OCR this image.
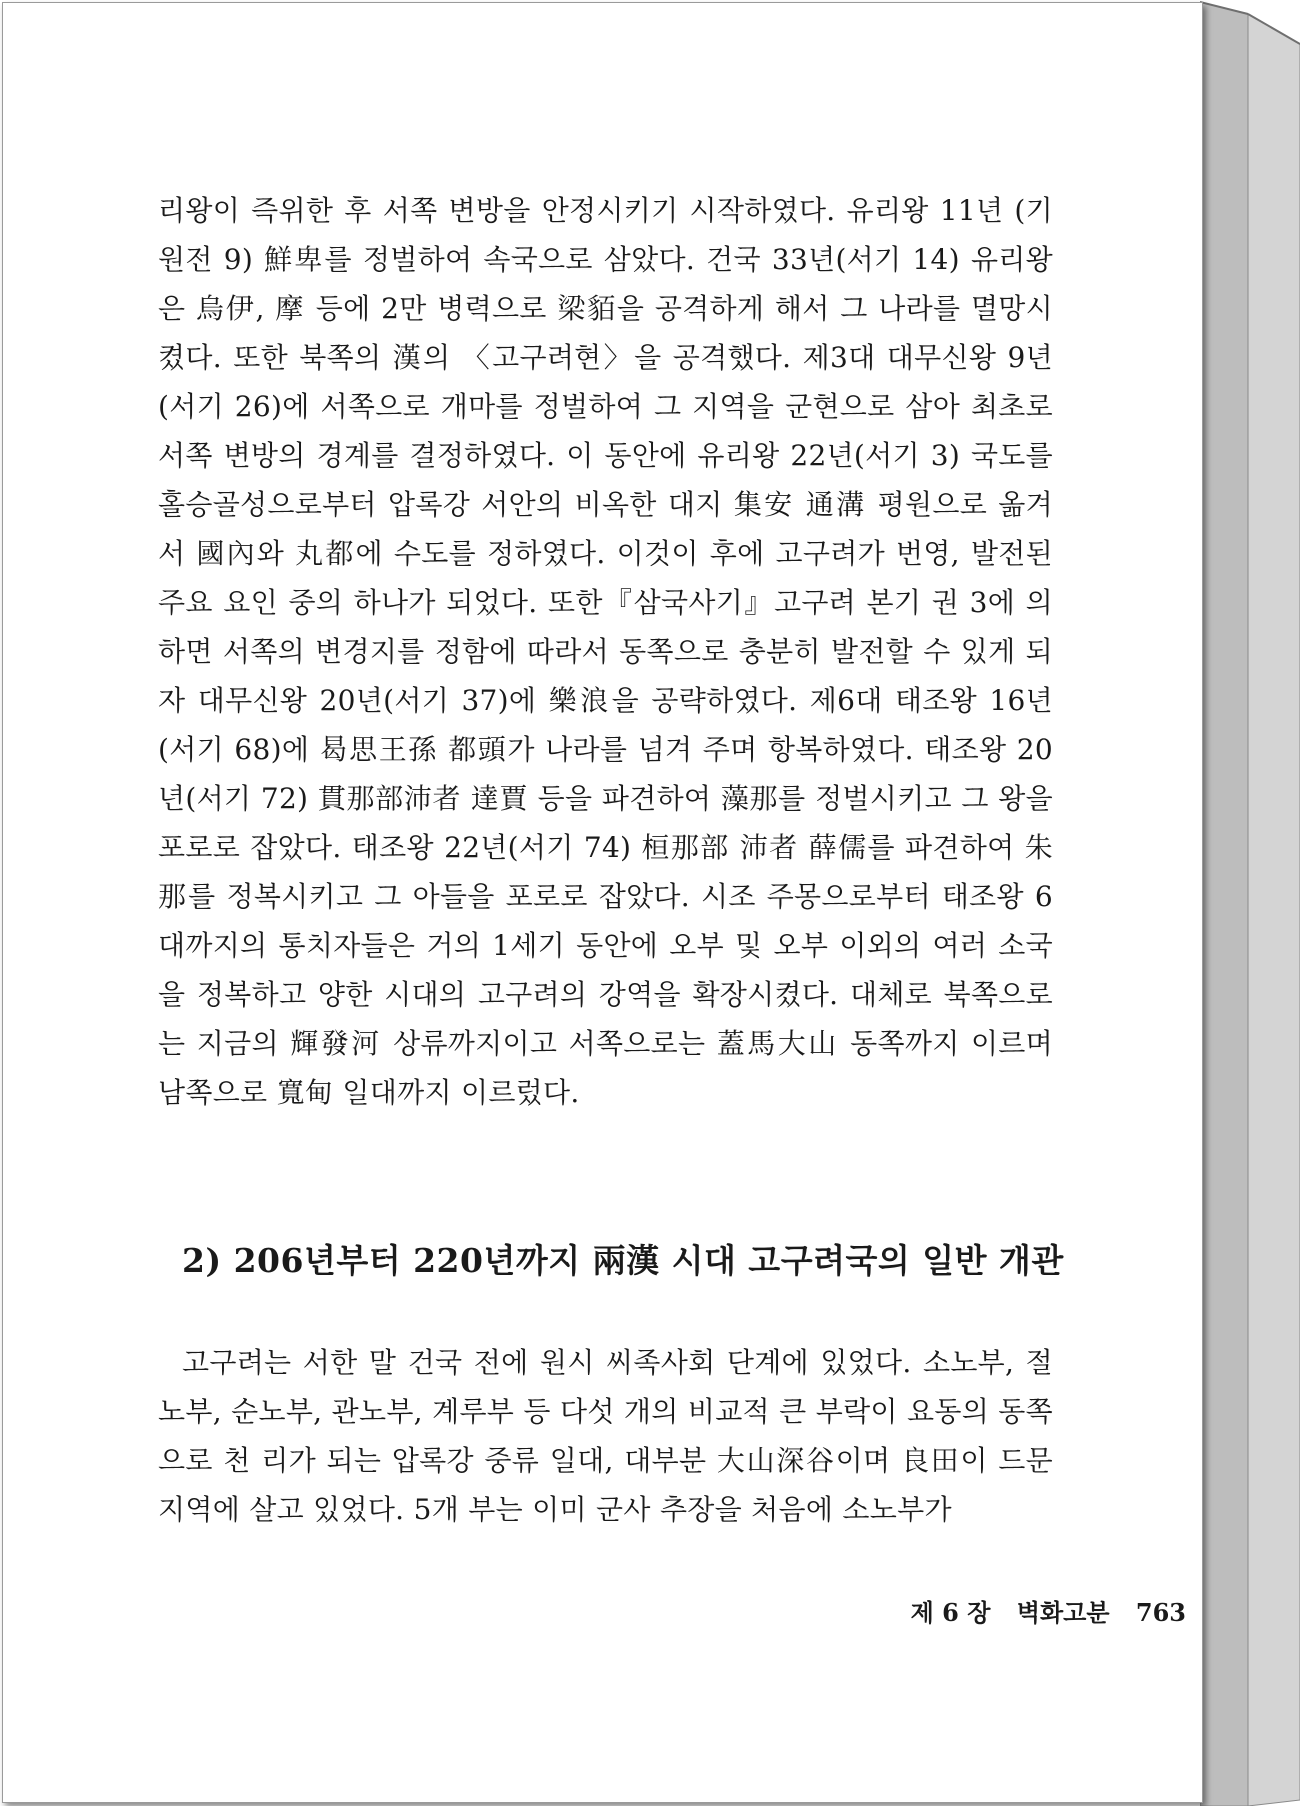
리왕이 즉위한 후 서쪽 변방을 안정시키기 시작하였다. 유리왕 11년 (기원전 9) 鮮卑를 정벌하여 속국으로 삼았다. 건국 33년(서기 14) 유리왕은 烏伊, 摩 등에 2만 병력으로 梁貊을 공격하게 해서 그 나라를 멸망시켰다. 또한 북쪽의 漢의 〈고구려현〉을 공격했다. 제3대 대무신왕 9년(서기 26)에 서쪽으로 개마를 정벌하여 그 지역을 군현으로 삼아 최초로 서쪽 변방의 경계를 결정하였다. 이 동안에 유리왕 22년(서기 3) 국도를 홀승골성으로부터 압록강 서안의 비옥한 대지 集安 通溝 평원으로 옮겨서 國內와 丸都에 수도를 정하였다. 이것이 후에 고구려가 번영, 발전된 주요 요인 중의 하나가 되었다. 또한『삼국사기』고구려 본기 권 3에 의하면 서쪽의 변경지를 정함에 따라서 동쪽으로 충분히 발전할 수 있게 되자 대무신왕 20년(서기 37)에 樂浪을 공략하였다. 제6대 태조왕 16년(서기 68)에 曷思王孫 都頭가 나라를 넘겨 주며 항복하였다. 태조왕 20년(서기 72) 貫那部沛者 達賈 등을 파견하여 藻那를 정벌시키고 그 왕을 포로로 잡았다. 태조왕 22년(서기 74) 桓那部 沛者 薛儒를 파견하여 朱那를 정복시키고 그 아들을 포로로 잡았다. 시조 주몽으로부터 태조왕 6대까지의 통치자들은 거의 1세기 동안에 오부 및 오부 이외의 여러 소국을 정복하고 양한 시대의 고구려의 강역을 확장시켰다. 대체로 북쪽으로는 지금의 輝發河 상류까지이고 서쪽으로는 蓋馬大山 동쪽까지 이르며 남쪽으로 寬甸 일대까지 이르렀다.

2) 206년부터 220년까지 兩漢 시대 고구려국의 일반 개관

고구려는 서한 말 건국 전에 원시 씨족사회 단계에 있었다. 소노부, 절노부, 순노부, 관노부, 계루부 등 다섯 개의 비교적 큰 부락이 요동의 동쪽으로 천 리가 되는 압록강 중류 일대, 대부분 大山深谷이며 良田이 드문 지역에 살고 있었다. 5개 부는 이미 군사 추장을 처음에 소노부가

제 6 장 벽화고분 763
